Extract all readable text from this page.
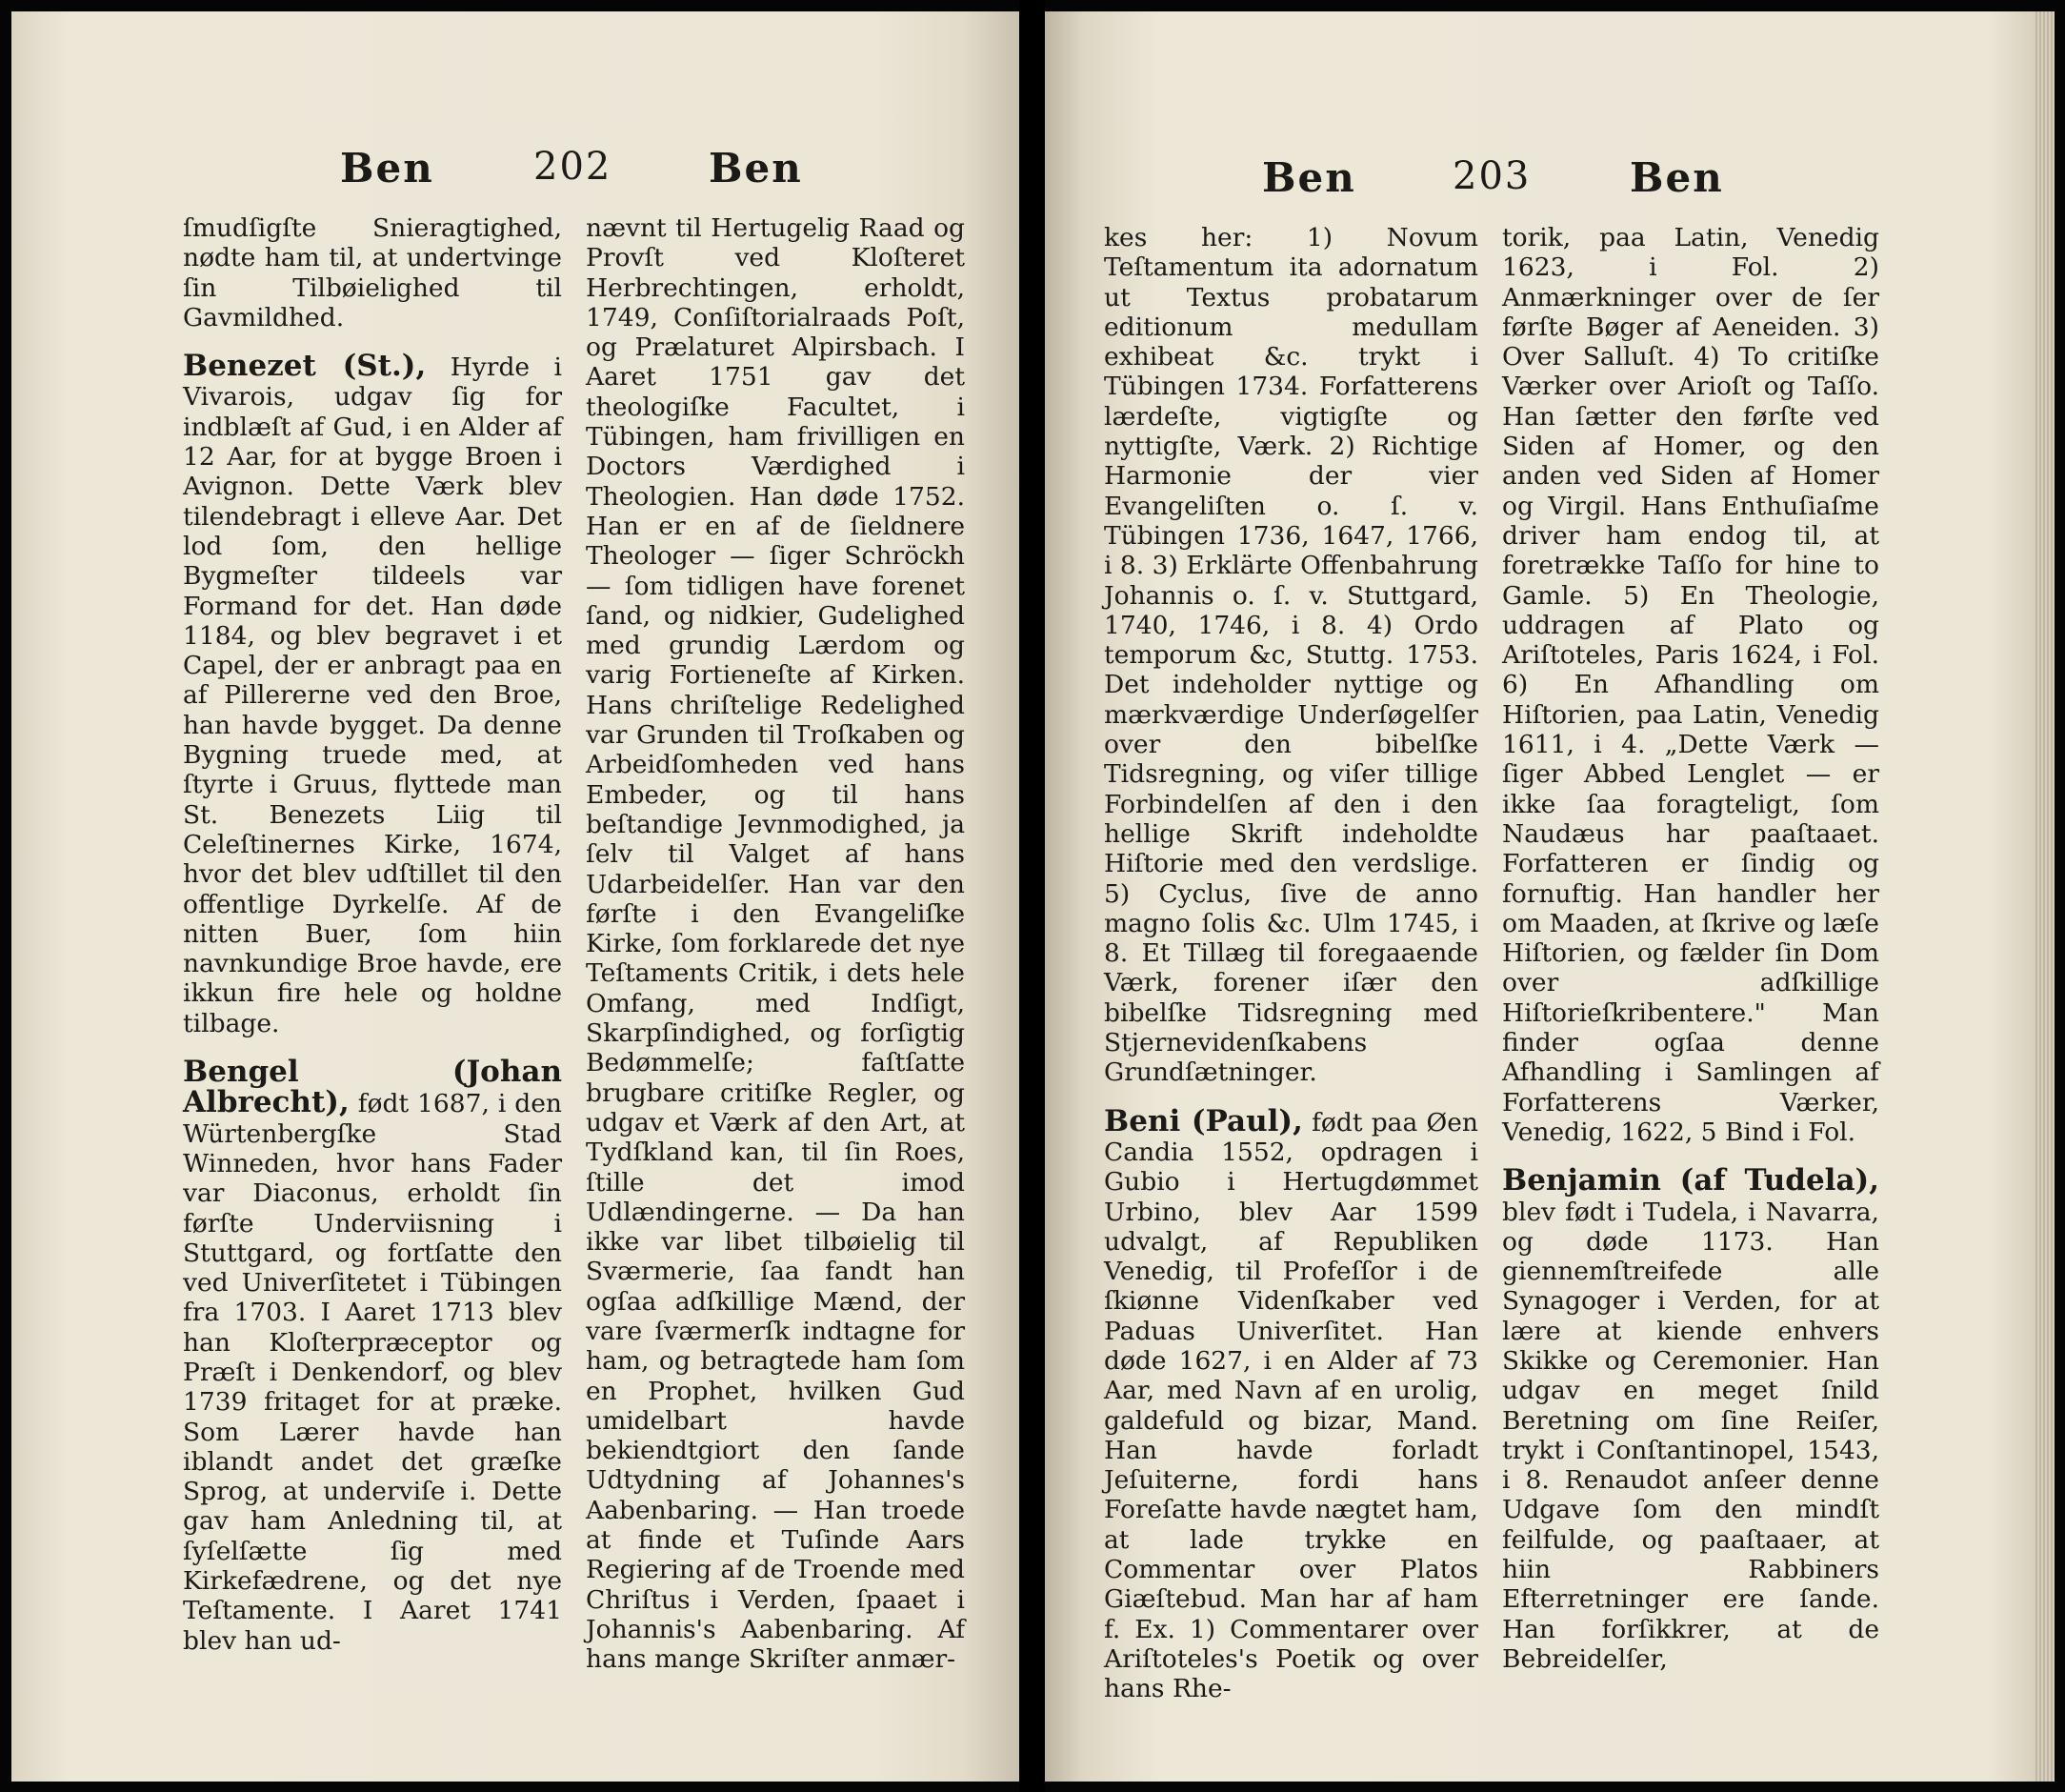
Ben	202 Ben

ſmudſigſte Snieragtighed, nødte ham til, at undertvinge ſin Tilbøielighed til Gavmildhed.

Benezet (St.), Hyrde i Vivarois, udgav ſig for indblæſt af Gud, i en Alder af 12 Aar, for at bygge Broen i Avignon. Dette Værk blev tilendebragt i elleve Aar. Det lod ſom, den hellige Bygmeſter tildeels var Formand for det. Han døde 1184, og blev begravet i et Capel, der er anbragt paa en af Pillererne ved den Broe, han havde bygget. Da denne Bygning truede med, at ſtyrte i Gruus, flyttede man St. Benezets Liig til Celeſtinernes Kirke, 1674, hvor det blev udſtillet til den offentlige Dyrkelſe. Af de nitten Buer, ſom hiin navnkundige Broe havde, ere ikkun fire hele og holdne tilbage.

Bengel (Johan Albrecht), født 1687, i den Würtenbergſke Stad Winneden, hvor hans Fader var Diaconus, erholdt ſin førſte Underviisning i Stuttgard, og fortſatte den ved Univerſitetet i Tübingen fra 1703. I Aaret 1713 blev han Kloſterpræceptor og Præſt i Denkendorf, og blev 1739 fritaget for at præke. Som Lærer havde han iblandt andet det græſke Sprog, at underviſe i. Dette gav ham Anledning til, at ſyſelſætte ſig med Kirkefædrene, og det nye Teſtamente. I Aaret 1741 blev han ud-

nævnt til Hertugelig Raad og Provſt ved Kloſteret Herbrechtingen, erholdt, 1749, Conſiſtorialraads Poſt, og Prælaturet Alpirsbach. I Aaret 1751 gav det theologiſke Facultet, i Tübingen, ham frivilligen en Doctors Værdighed i Theologien. Han døde 1752. Han er en af de ſieldnere Theologer — ſiger Schröckh — ſom tidligen have forenet ſand, og nidkier, Gudelighed med grundig Lærdom og varig Fortieneſte af Kirken. Hans chriſtelige Redelighed var Grunden til Troſkaben og Arbeidſomheden ved hans Embeder, og til hans beſtandige Jevnmodighed, ja ſelv til Valget af hans Udarbeidelſer. Han var den førſte i den Evangeliſke Kirke, ſom forklarede det nye Teſtaments Critik, i dets hele Omfang, med Indſigt, Skarpſindighed, og forſigtig Bedømmelſe; faſtſatte brugbare critiſke Regler, og udgav et Værk af den Art, at Tydſkland kan, til ſin Roes, ſtille det imod Udlændingerne. — Da han ikke var libet tilbøielig til Sværmerie, ſaa fandt han ogſaa adſkillige Mænd, der vare ſværmerſk indtagne for ham, og betragtede ham ſom en Prophet, hvilken Gud umidelbart havde bekiendtgiort den ſande Udtydning af Johannes's Aabenbaring. — Han troede at finde et Tuſinde Aars Regiering af de Troende med Chriſtus i Verden, ſpaaet i Johannis's Aabenbaring. Af hans mange Skriſter anmær-

Ben	203 Ben

kes her: 1) Novum Teſtamentum ita adornatum ut Textus probatarum editionum medullam exhibeat &c. trykt i Tübingen 1734. Forfatterens lærdeſte, vigtigſte og nyttigſte, Værk. 2) Richtige Harmonie der vier Evangeliſten o. ſ. v. Tübingen 1736, 1647, 1766, i 8. 3) Erklärte Offenbahrung Johannis o. ſ. v. Stuttgard, 1740, 1746, i 8. 4) Ordo temporum &c, Stuttg. 1753. Det indeholder nyttige og mærkværdige Underſøgelſer over den bibelſke Tidsregning, og viſer tillige Forbindelſen af den i den hellige Skrift indeholdte Hiſtorie med den verdslige. 5) Cyclus, ſive de anno magno ſolis &c. Ulm 1745, i 8. Et Tillæg til foregaaende Værk, forener iſær den bibelſke Tidsregning med Stjernevidenſkabens Grundſætninger.

Beni (Paul), født paa Øen Candia 1552, opdragen i Gubio i Hertugdømmet Urbino, blev Aar 1599 udvalgt, af Republiken Venedig, til Profeſſor i de ſkiønne Videnſkaber ved Paduas Univerſitet. Han døde 1627, i en Alder af 73 Aar, med Navn af en urolig, galdefuld og bizar, Mand. Han havde forladt Jeſuiterne, fordi hans Foreſatte havde nægtet ham, at lade trykke en Commentar over Platos Giæſtebud. Man har af ham f. Ex. 1) Commentarer over Ariſtoteles's Poetik og over hans Rhe-

torik, paa Latin, Venedig 1623, i Fol. 2) Anmærkninger over de ſer førſte Bøger af Aeneiden. 3) Over Salluſt. 4) To critiſke Værker over Arioſt og Taſſo. Han ſætter den førſte ved Siden af Homer, og den anden ved Siden af Homer og Virgil. Hans Enthuſiaſme driver ham endog til, at foretrække Taſſo for hine to Gamle. 5) En Theologie, uddragen af Plato og Ariſtoteles, Paris 1624, i Fol. 6) En Afhandling om Hiſtorien, paa Latin, Venedig 1611, i 4. „Dette Værk — ſiger Abbed Lenglet — er ikke ſaa foragteligt, ſom Naudæus har paaſtaaet. Forfatteren er ſindig og fornuftig. Han handler her om Maaden, at ſkrive og læſe Hiſtorien, og fælder ſin Dom over adſkillige Hiſtorieſkribentere." Man finder ogſaa denne Afhandling i Samlingen af Forfatterens Værker, Venedig, 1622, 5 Bind i Fol.

Benjamin (af Tudela), blev født i Tudela, i Navarra, og døde 1173. Han giennemſtreifede alle Synagoger i Verden, for at lære at kiende enhvers Skikke og Ceremonier. Han udgav en meget ſnild Beretning om ſine Reiſer, trykt i Conſtantinopel, 1543, i 8. Renaudot anſeer denne Udgave ſom den mindſt feilfulde, og paaſtaaer, at hiin Rabbiners Efterretninger ere ſande. Han forſikkrer, at de Bebreidelſer,
